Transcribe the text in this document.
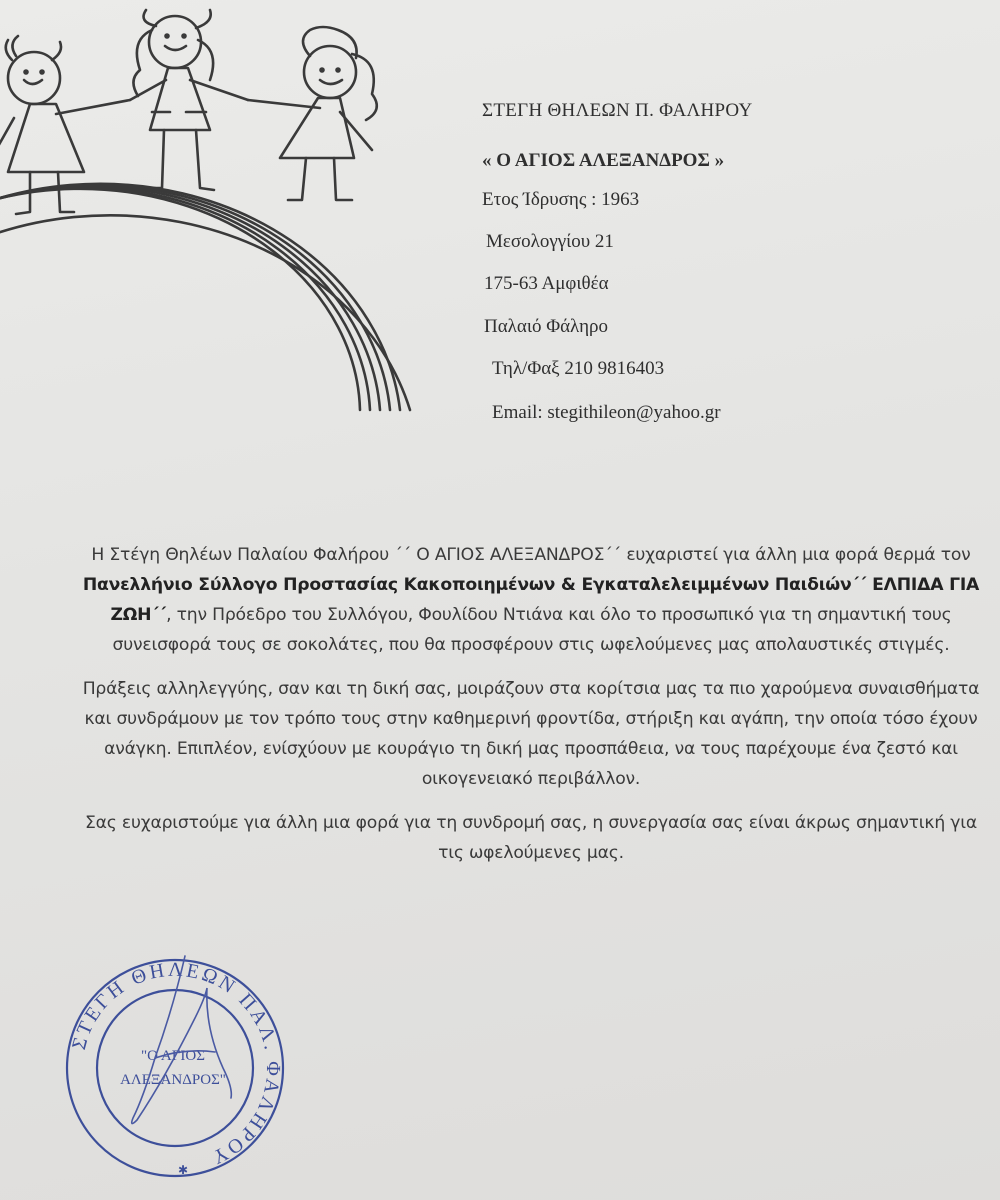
ΣΤΕΓΗ ΘΗΛΕΩΝ Π. ΦΑΛΗΡΟΥ
« Ο ΑΓΙΟΣ ΑΛΕΞΑΝΔΡΟΣ »
Ετος Ίδρυσης : 1963
Μεσολογγίου 21
175-63 Αμφιθέα
Παλαιό Φάληρο
Τηλ/Φαξ 210 9816403
Email: stegithileon@yahoo.gr

Η Στέγη Θηλέων Παλαίου Φαλήρου ΄΄ Ο ΑΓΙΟΣ ΑΛΕΞΑΝΔΡΟΣ΄΄ ευχαριστεί για άλλη μια φορά θερμά τον Πανελλήνιο Σύλλογο Προστασίας Κακοποιημένων & Εγκαταλελειμμένων Παιδιών΄΄ ΕΛΠΙΔΑ ΓΙΑ ΖΩΗ΄΄, την Πρόεδρο του Συλλόγου, Φουλίδου Ντιάνα και όλο το προσωπικό για τη σημαντική τους συνεισφορά τους σε σοκολάτες, που θα προσφέρουν στις ωφελούμενες μας απολαυστικές στιγμές.

Πράξεις αλληλεγγύης, σαν και τη δική σας, μοιράζουν στα κορίτσια μας τα πιο χαρούμενα συναισθήματα και συνδράμουν με τον τρόπο τους στην καθημερινή φροντίδα, στήριξη και αγάπη, την οποία τόσο έχουν ανάγκη. Επιπλέον, ενίσχύουν με κουράγιο τη δική μας προσπάθεια, να τους παρέχουμε ένα ζεστό και οικογενειακό περιβάλλον.

Σας ευχαριστούμε για άλλη μια φορά για τη συνδρομή σας, η συνεργασία σας είναι άκρως σημαντική για τις ωφελούμενες μας.

ΣΤΕΓΗ ΘΗΛΕΩΝ ΠΑΛ. ΦΑΛΗΡΟΥ
"Ο ΑΓΙΟΣ
ΑΛΕΞΑΝΔΡΟΣ"
✱
